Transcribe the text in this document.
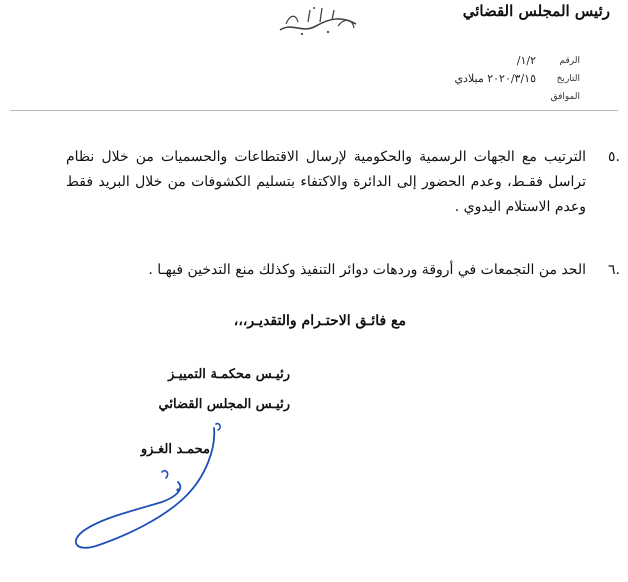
رئيس المجلس القضائي
الرقم
١/٢/
التاريخ
٢٠٢٠/٣/١٥ ميلادي
الموافق
.٥
الترتيب مع الجهات الرسمية والحكومية لإرسال الاقتطاعات والحسميات من خلال نظام تراسل فقـط، وعدم الحضور إلى الدائرة والاكتفاء بتسليم الكشوفات من خلال البريد فقط وعدم الاستلام اليدوي .
.٦
الحد من التجمعات في أروقة وردهات دوائر التنفيذ وكذلك منع التدخين فيهـا .
مع فائـق الاحتـرام والتقديـر،،،
رئيـس محكمـة التمييـز
رئيـس المجلس القضائي
محمـد الغـزو
